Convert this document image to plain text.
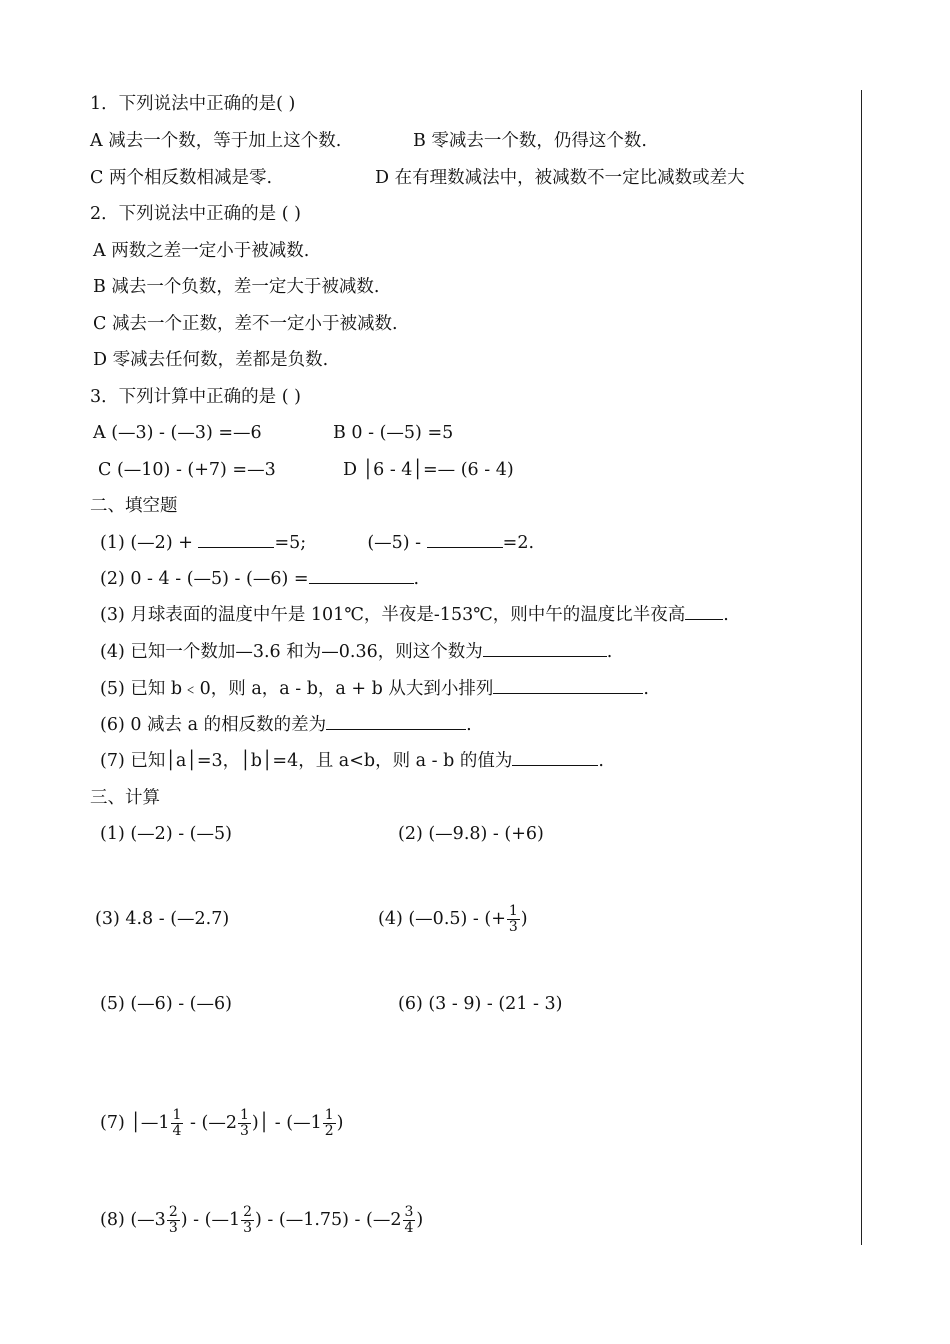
1．下列说法中正确的是( )
A 减去一个数，等于加上这个数.	B 零减去一个数，仍得这个数.
C 两个相反数相减是零.	D 在有理数减法中，被减数不一定比减数或差大
2．下列说法中正确的是 ( )
A 两数之差一定小于被减数.
B 减去一个负数，差一定大于被减数.
C 减去一个正数，差不一定小于被减数.
D 零减去任何数，差都是负数.
3．下列计算中正确的是 ( )
A (—3) - (—3) =—6	B 0 - (—5) =5
C (—10) - (+7) =—3	D │6 - 4│=— (6 - 4)
二、填空题
(1) (—2) +	=5;	(—5) -	=2.
(2) 0 - 4 - (—5) - (—6) =	.
(3) 月球表面的温度中午是 101℃，半夜是-153℃，则中午的温度比半夜高 .
(4) 已知一个数加—3.6 和为—0.36，则这个数为	.
(5) 已知 b﹤0，则 a，a - b，a + b 从大到小排列	.
(6) 0 减去 a 的相反数的差为	.
(7) 已知│a│=3，│b│=4，且 a<b，则 a - b 的值为	.
三、计算
(1) (—2) - (—5)	(2) (—9.8) - (+6)
(3) 4.8 - (—2.7)	(4) (—0.5) - (+ $\frac{1}{3}$ )
(5) (—6) - (—6)	(6) (3 - 9) - (21 - 3)
(7) │—1 $\frac{1}{4}$ - (—2 $\frac{1}{3}$ )│ - (—1 $\frac{1}{2}$ )
(8) (—3 $\frac{2}{3}$ ) - (—1 $\frac{2}{3}$ ) - (—1.75) - (—2 $\frac{3}{4}$ )
